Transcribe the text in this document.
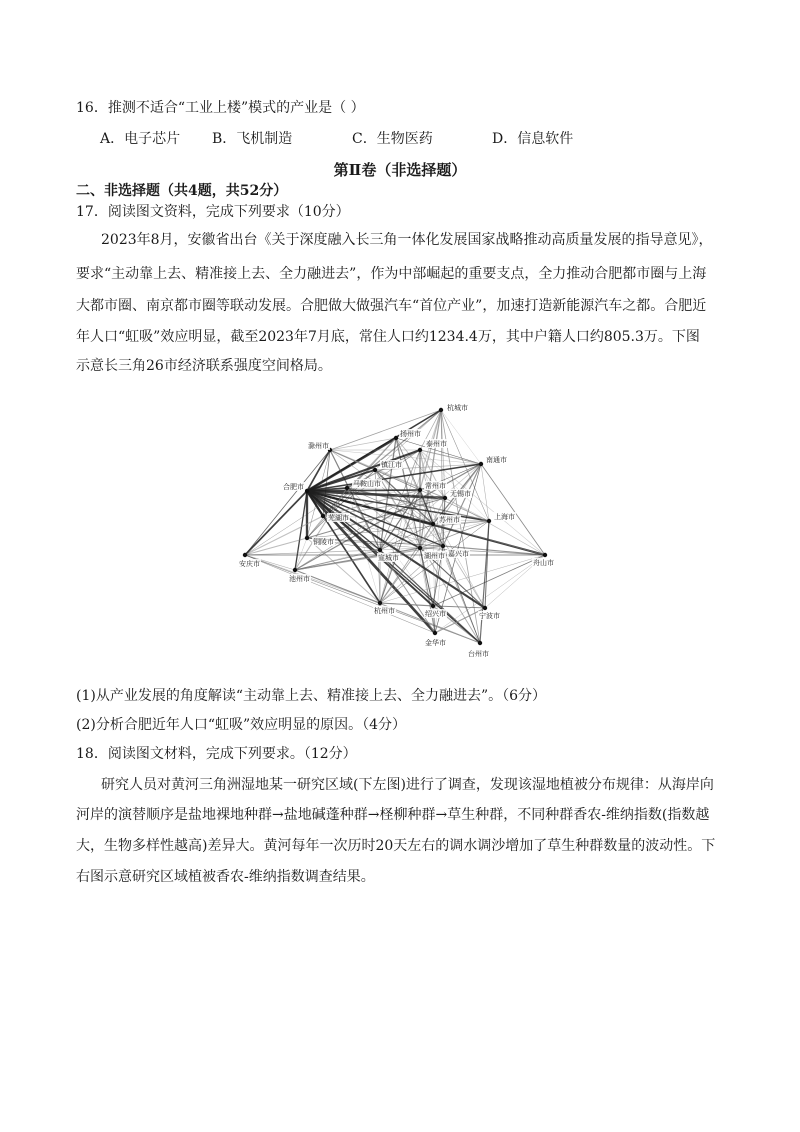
16．推测不适合“工业上楼”模式的产业是（ ）
A．电子芯片 B．飞机制造	C．生物医药	D．信息软件
第Ⅱ卷（非选择题）
二、非选择题（共4题，共52分）
17．阅读图文资料，完成下列要求（10分）
2023年8月，安徽省出台《关于深度融入长三角一体化发展国家战略推动高质量发展的指导意见》，
要求“主动靠上去、精准接上去、全力融进去”，作为中部崛起的重要支点，全力推动合肥都市圈与上海
大都市圈、南京都市圈等联动发展。合肥做大做强汽车“首位产业”，加速打造新能源汽车之都。合肥近
年人口“虹吸”效应明显，截至2023年7月底，常住人口约1234.4万，其中户籍人口约805.3万。下图
示意长三角26市经济联系强度空间格局。
杭城市
扬州市
滁州市	泰州市
南通市
镇江市
合肥市	马鞍山市	常州市
无锡市
苏州市	上海市
芜湖市
铜陵市
宣城市	湖州市 嘉兴市
安庆市
池州市
杭州市	绍兴市	宁波市
舟山市
金华市
台州市
(1)从产业发展的角度解读“主动靠上去、精准接上去、全力融进去”。（6分）
(2)分析合肥近年人口“虹吸”效应明显的原因。（4分）
18．阅读图文材料，完成下列要求。（12分）
研究人员对黄河三角洲湿地某一研究区域(下左图)进行了调查，发现该湿地植被分布规律：从海岸向
河岸的演替顺序是盐地裸地种群→盐地碱蓬种群→柽柳种群→草生种群，不同种群香农-维纳指数(指数越
大，生物多样性越高)差异大。黄河每年一次历时20天左右的调水调沙增加了草生种群数量的波动性。下
右图示意研究区域植被香农-维纳指数调查结果。
